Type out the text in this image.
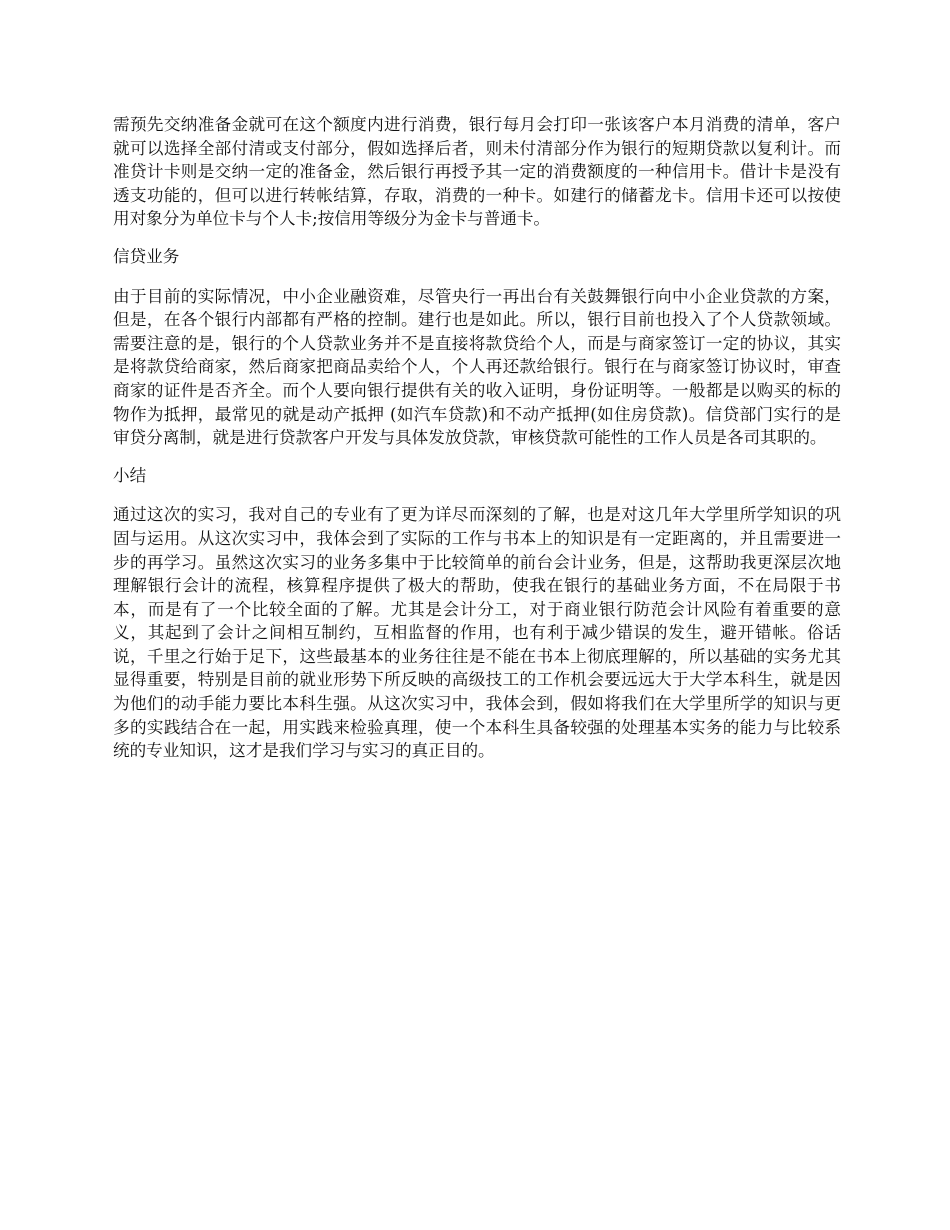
需预先交纳准备金就可在这个额度内进行消费，银行每月会打印一张该客户本月消费的清单，客户就可以选择全部付清或支付部分，假如选择后者，则未付清部分作为银行的短期贷款以复利计。而准贷计卡则是交纳一定的准备金，然后银行再授予其一定的消费额度的一种信用卡。借计卡是没有透支功能的，但可以进行转帐结算，存取，消费的一种卡。如建行的储蓄龙卡。信用卡还可以按使用对象分为单位卡与个人卡;按信用等级分为金卡与普通卡。

信贷业务

由于目前的实际情况，中小企业融资难，尽管央行一再出台有关鼓舞银行向中小企业贷款的方案，但是，在各个银行内部都有严格的控制。建行也是如此。所以，银行目前也投入了个人贷款领域。需要注意的是，银行的个人贷款业务并不是直接将款贷给个人，而是与商家签订一定的协议，其实是将款贷给商家，然后商家把商品卖给个人，个人再还款给银行。银行在与商家签订协议时，审查商家的证件是否齐全。而个人要向银行提供有关的收入证明，身份证明等。一般都是以购买的标的物作为抵押，最常见的就是动产抵押 (如汽车贷款)和不动产抵押(如住房贷款)。信贷部门实行的是审贷分离制，就是进行贷款客户开发与具体发放贷款，审核贷款可能性的工作人员是各司其职的。

小结

通过这次的实习，我对自己的专业有了更为详尽而深刻的了解，也是对这几年大学里所学知识的巩固与运用。从这次实习中，我体会到了实际的工作与书本上的知识是有一定距离的，并且需要进一步的再学习。虽然这次实习的业务多集中于比较简单的前台会计业务，但是，这帮助我更深层次地理解银行会计的流程，核算程序提供了极大的帮助，使我在银行的基础业务方面，不在局限于书本，而是有了一个比较全面的了解。尤其是会计分工，对于商业银行防范会计风险有着重要的意义，其起到了会计之间相互制约，互相监督的作用，也有利于减少错误的发生，避开错帐。俗话说，千里之行始于足下，这些最基本的业务往往是不能在书本上彻底理解的，所以基础的实务尤其显得重要，特别是目前的就业形势下所反映的高级技工的工作机会要远远大于大学本科生，就是因为他们的动手能力要比本科生强。从这次实习中，我体会到，假如将我们在大学里所学的知识与更多的实践结合在一起，用实践来检验真理，使一个本科生具备较强的处理基本实务的能力与比较系统的专业知识，这才是我们学习与实习的真正目的。
